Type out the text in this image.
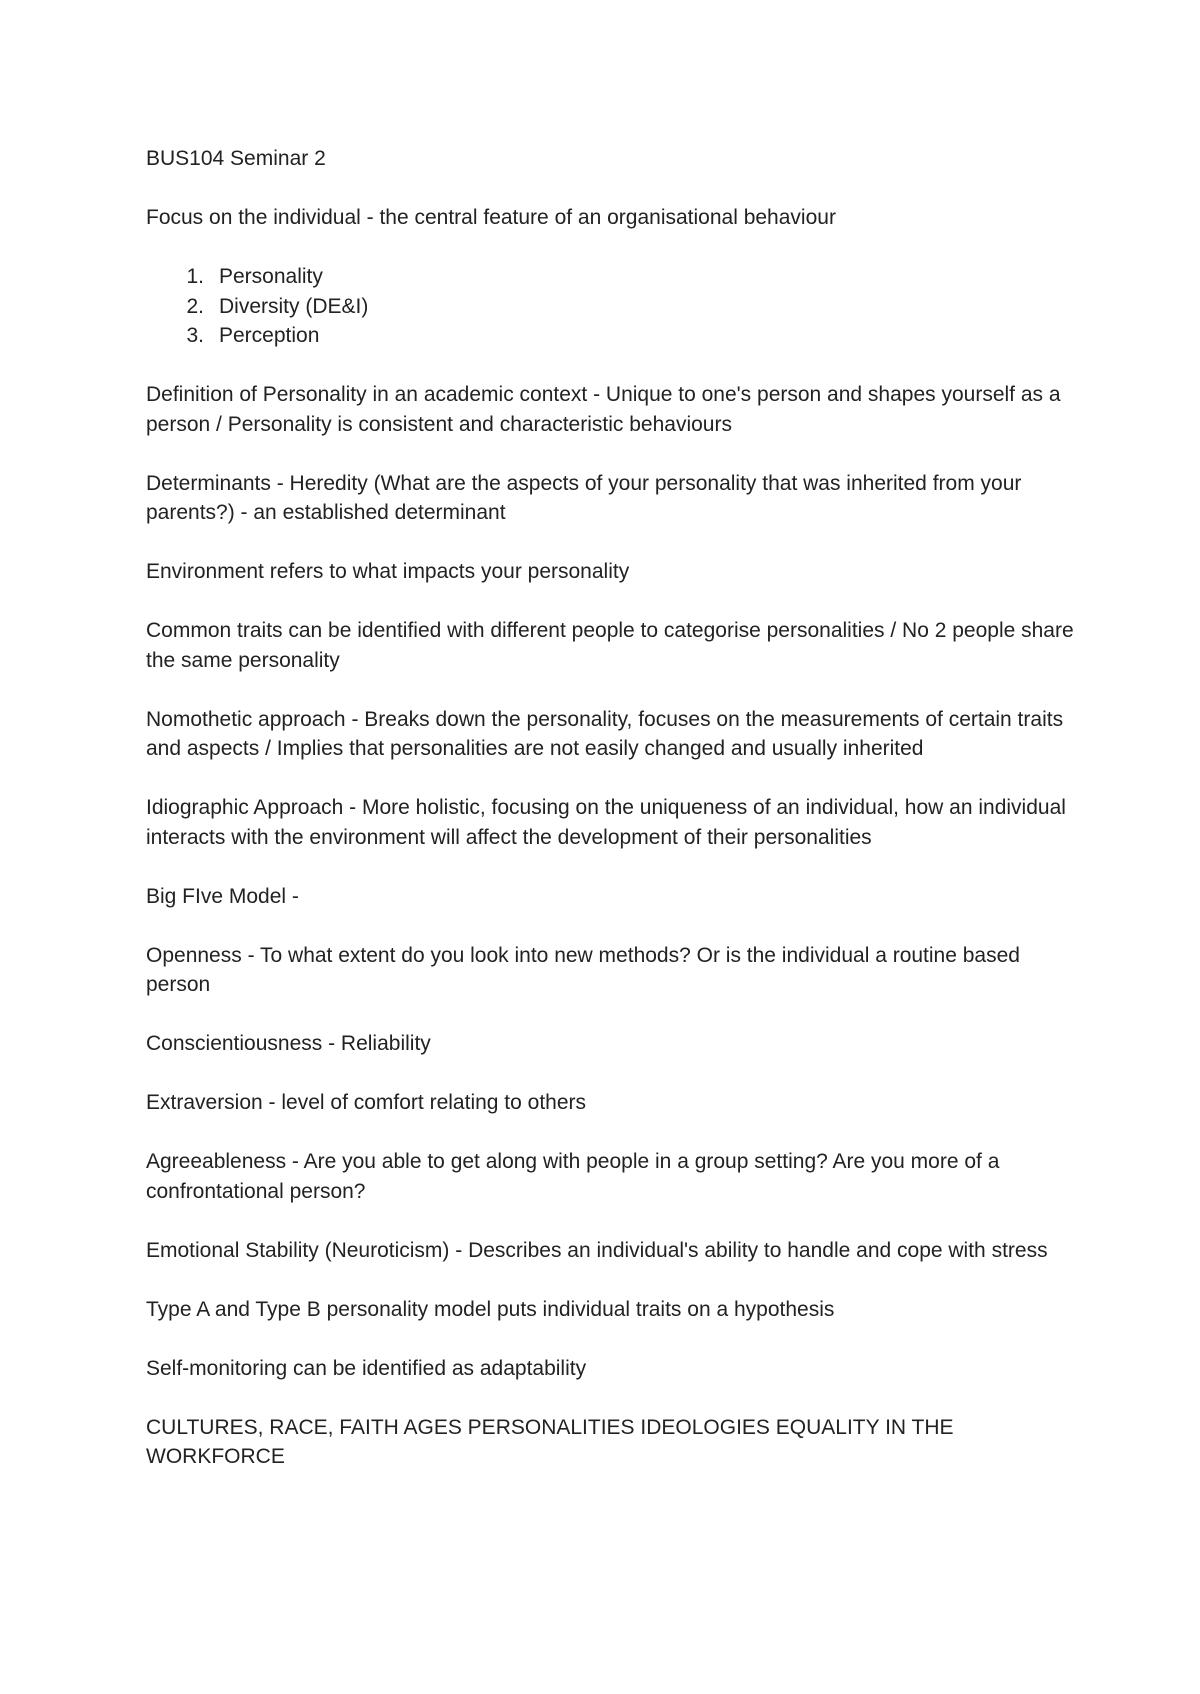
BUS104 Seminar 2

Focus on the individual - the central feature of an organisational behaviour

1. Personality
2. Diversity (DE&I)
3. Perception

Definition of Personality in an academic context - Unique to one's person and shapes yourself as a person / Personality is consistent and characteristic behaviours

Determinants - Heredity (What are the aspects of your personality that was inherited from your parents?) - an established determinant

Environment refers to what impacts your personality

Common traits can be identified with different people to categorise personalities / No 2 people share the same personality

Nomothetic approach - Breaks down the personality, focuses on the measurements of certain traits and aspects / Implies that personalities are not easily changed and usually inherited

Idiographic Approach - More holistic, focusing on the uniqueness of an individual, how an individual interacts with the environment will affect the development of their personalities

Big FIve Model -

Openness - To what extent do you look into new methods? Or is the individual a routine based person

Conscientiousness - Reliability

Extraversion - level of comfort relating to others

Agreeableness - Are you able to get along with people in a group setting? Are you more of a confrontational person?

Emotional Stability (Neuroticism) - Describes an individual's ability to handle and cope with stress

Type A and Type B personality model puts individual traits on a hypothesis

Self-monitoring can be identified as adaptability

CULTURES, RACE, FAITH AGES PERSONALITIES IDEOLOGIES EQUALITY IN THE WORKFORCE
